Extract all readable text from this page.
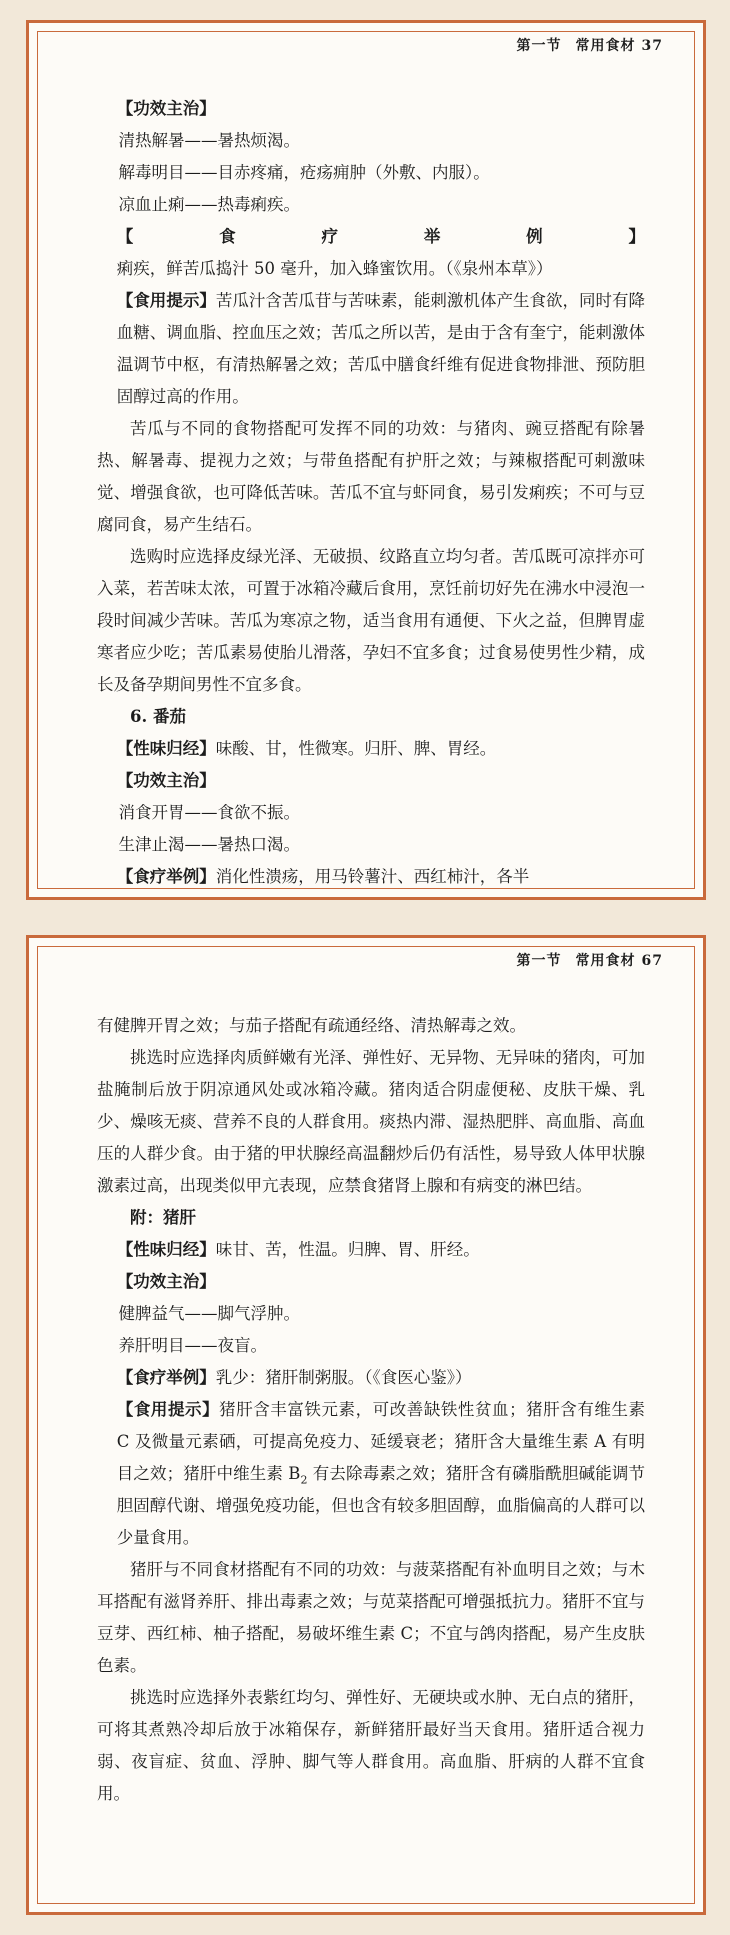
第一节 常用食材 37

【功效主治】

清热解暑——暑热烦渴。

解毒明目——目赤疼痛，疮疡痈肿（外敷、内服）。

凉血止痢——热毒痢疾。

【食疗举例】痢疾，鲜苦瓜捣汁 50 毫升，加入蜂蜜饮用。（《泉州本草》）

【食用提示】苦瓜汁含苦瓜苷与苦味素，能刺激机体产生食欲，同时有降血糖、调血脂、控血压之效；苦瓜之所以苦，是由于含有奎宁，能刺激体温调节中枢，有清热解暑之效；苦瓜中膳食纤维有促进食物排泄、预防胆固醇过高的作用。

苦瓜与不同的食物搭配可发挥不同的功效：与猪肉、豌豆搭配有除暑热、解暑毒、提视力之效；与带鱼搭配有护肝之效；与辣椒搭配可刺激味觉、增强食欲，也可降低苦味。苦瓜不宜与虾同食，易引发痢疾；不可与豆腐同食，易产生结石。

选购时应选择皮绿光泽、无破损、纹路直立均匀者。苦瓜既可凉拌亦可入菜，若苦味太浓，可置于冰箱冷藏后食用，烹饪前切好先在沸水中浸泡一段时间减少苦味。苦瓜为寒凉之物，适当食用有通便、下火之益，但脾胃虚寒者应少吃；苦瓜素易使胎儿滑落，孕妇不宜多食；过食易使男性少精，成长及备孕期间男性不宜多食。

6. 番茄

【性味归经】味酸、甘，性微寒。归肝、脾、胃经。

【功效主治】

消食开胃——食欲不振。

生津止渴——暑热口渴。

【食疗举例】消化性溃疡，用马铃薯汁、西红柿汁，各半

第一节 常用食材 67

有健脾开胃之效；与茄子搭配有疏通经络、清热解毒之效。

挑选时应选择肉质鲜嫩有光泽、弹性好、无异物、无异味的猪肉，可加盐腌制后放于阴凉通风处或冰箱冷藏。猪肉适合阴虚便秘、皮肤干燥、乳少、燥咳无痰、营养不良的人群食用。痰热内滞、湿热肥胖、高血脂、高血压的人群少食。由于猪的甲状腺经高温翻炒后仍有活性，易导致人体甲状腺激素过高，出现类似甲亢表现，应禁食猪肾上腺和有病变的淋巴结。

附：猪肝

【性味归经】味甘、苦，性温。归脾、胃、肝经。

【功效主治】

健脾益气——脚气浮肿。

养肝明目——夜盲。

【食疗举例】乳少：猪肝制粥服。（《食医心鉴》）

【食用提示】猪肝含丰富铁元素，可改善缺铁性贫血；猪肝含有维生素 C 及微量元素硒，可提高免疫力、延缓衰老；猪肝含大量维生素 A 有明目之效；猪肝中维生素 $B_2$ 有去除毒素之效；猪肝含有磷脂酰胆碱能调节胆固醇代谢、增强免疫功能，但也含有较多胆固醇，血脂偏高的人群可以少量食用。

猪肝与不同食材搭配有不同的功效：与菠菜搭配有补血明目之效；与木耳搭配有滋肾养肝、排出毒素之效；与苋菜搭配可增强抵抗力。猪肝不宜与豆芽、西红柿、柚子搭配，易破坏维生素 C；不宜与鸽肉搭配，易产生皮肤色素。

挑选时应选择外表紫红均匀、弹性好、无硬块或水肿、无白点的猪肝，可将其煮熟冷却后放于冰箱保存，新鲜猪肝最好当天食用。猪肝适合视力弱、夜盲症、贫血、浮肿、脚气等人群食用。高血脂、肝病的人群不宜食用。
